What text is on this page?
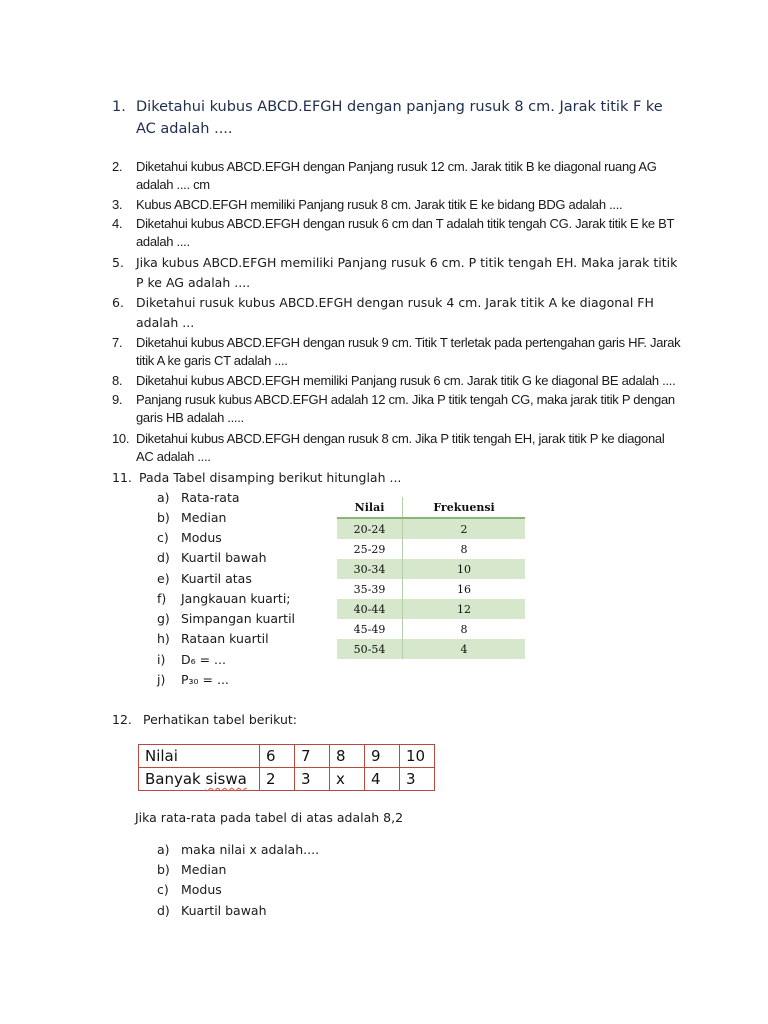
1. Diketahui kubus ABCD.EFGH dengan panjang rusuk 8 cm. Jarak titik F ke AC adalah ....
2. Diketahui kubus ABCD.EFGH dengan Panjang rusuk 12 cm. Jarak titik B ke diagonal ruang AG adalah .... cm
3. Kubus ABCD.EFGH memiliki Panjang rusuk 8 cm. Jarak titik E ke bidang BDG adalah ....
4. Diketahui kubus ABCD.EFGH dengan rusuk 6 cm dan T adalah titik tengah CG. Jarak titik E ke BT adalah ....
5. Jika kubus ABCD.EFGH memiliki Panjang rusuk 6 cm. P titik tengah EH. Maka jarak titik P ke AG adalah ....
6. Diketahui rusuk kubus ABCD.EFGH dengan rusuk 4 cm. Jarak titik A ke diagonal FH adalah ...
7. Diketahui kubus ABCD.EFGH dengan rusuk 9 cm. Titik T terletak pada pertengahan garis HF. Jarak titik A ke garis CT adalah ....
8. Diketahui kubus ABCD.EFGH memiliki Panjang rusuk 6 cm. Jarak titik G ke diagonal BE adalah ....
9. Panjang rusuk kubus ABCD.EFGH adalah 12 cm. Jika P titik tengah CG, maka jarak titik P dengan garis HB adalah .....
10. Diketahui kubus ABCD.EFGH dengan rusuk 8 cm. Jika P titik tengah EH, jarak titik P ke diagonal AC adalah ....
11. Pada Tabel disamping berikut hitunglah ...
a) Rata-rata
b) Median
c) Modus
d) Kuartil bawah
e) Kuartil atas
f) Jangkauan kuarti;
g) Simpangan kuartil
h) Rataan kuartil
i) D₆ = ...
j) P₃₀ = ...
Nilai	Frekuensi
20-24	2
25-29	8
30-34	10
35-39	16
40-44	12
45-49	8
50-54	4
12. Perhatikan tabel berikut:
Nilai	6	7	8	9	10
Banyak siswa	2	3	x	4	3
Jika rata-rata pada tabel di atas adalah 8,2
a) maka nilai x adalah....
b) Median
c) Modus
d) Kuartil bawah
